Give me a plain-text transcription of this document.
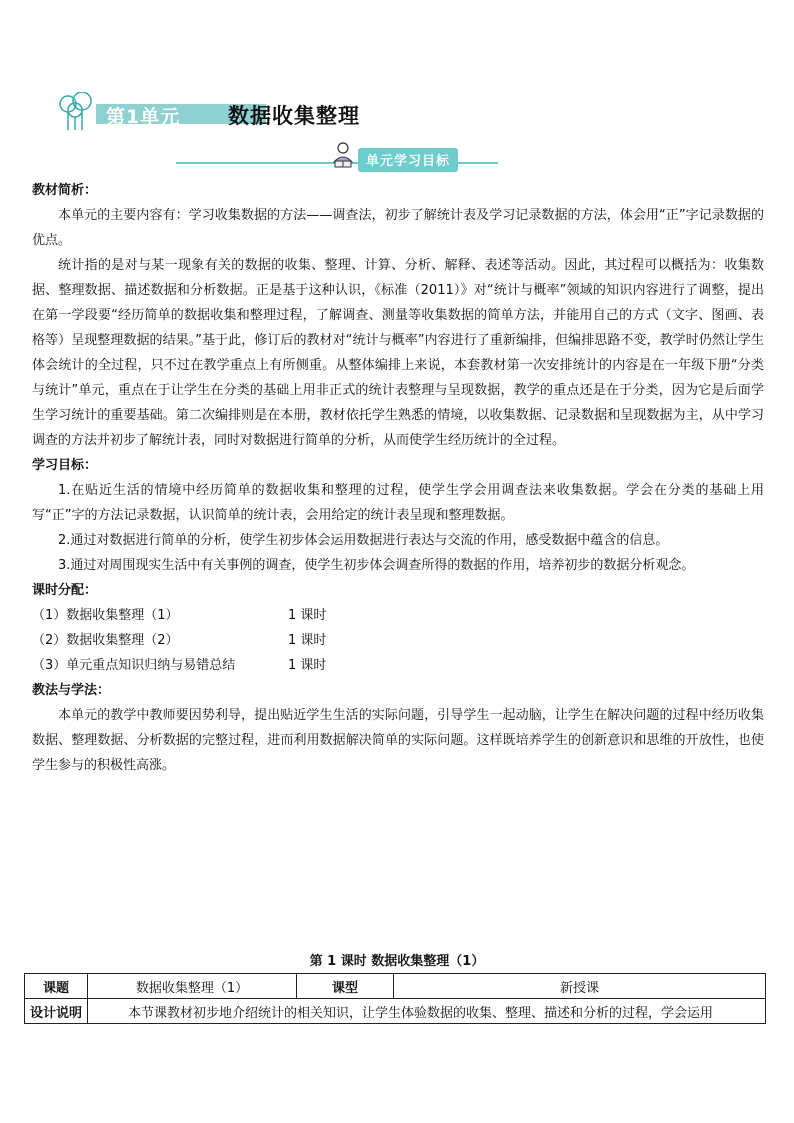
第1单元 数据收集整理
单元学习目标

教材简析：

本单元的主要内容有：学习收集数据的方法——调查法，初步了解统计表及学习记录数据的方法，体会用“正”字记录数据的优点。

统计指的是对与某一现象有关的数据的收集、整理、计算、分析、解释、表述等活动。因此，其过程可以概括为：收集数据、整理数据、描述数据和分析数据。正是基于这种认识，《标准（2011）》对“统计与概率”领域的知识内容进行了调整，提出在第一学段要“经历简单的数据收集和整理过程，了解调查、测量等收集数据的简单方法，并能用自己的方式（文字、图画、表格等）呈现整理数据的结果。”基于此，修订后的教材对“统计与概率”内容进行了重新编排，但编排思路不变，教学时仍然让学生体会统计的全过程，只不过在教学重点上有所侧重。从整体编排上来说，本套教材第一次安排统计的内容是在一年级下册“分类与统计”单元，重点在于让学生在分类的基础上用非正式的统计表整理与呈现数据，教学的重点还是在于分类，因为它是后面学生学习统计的重要基础。第二次编排则是在本册，教材依托学生熟悉的情境，以收集数据、记录数据和呈现数据为主，从中学习调查的方法并初步了解统计表，同时对数据进行简单的分析，从而使学生经历统计的全过程。

学习目标：

1.在贴近生活的情境中经历简单的数据收集和整理的过程，使学生学会用调查法来收集数据。学会在分类的基础上用写“正”字的方法记录数据，认识简单的统计表，会用给定的统计表呈现和整理数据。

2.通过对数据进行简单的分析，使学生初步体会运用数据进行表达与交流的作用，感受数据中蕴含的信息。

3.通过对周围现实生活中有关事例的调查，使学生初步体会调查所得的数据的作用，培养初步的数据分析观念。

课时分配：

（1）数据收集整理（1）	1 课时
（2）数据收集整理（2）	1 课时
（3）单元重点知识归纳与易错总结	1 课时

教法与学法：

本单元的教学中教师要因势利导，提出贴近学生生活的实际问题，引导学生一起动脑，让学生在解决问题的过程中经历收集数据、整理数据、分析数据的完整过程，进而利用数据解决简单的实际问题。这样既培养学生的创新意识和思维的开放性，也使学生参与的积极性高涨。

第 1 课时 数据收集整理（1）
课题	数据收集整理（1）	课型	新授课
设计说明	本节课教材初步地介绍统计的相关知识，让学生体验数据的收集、整理、描述和分析的过程，学会运用		
